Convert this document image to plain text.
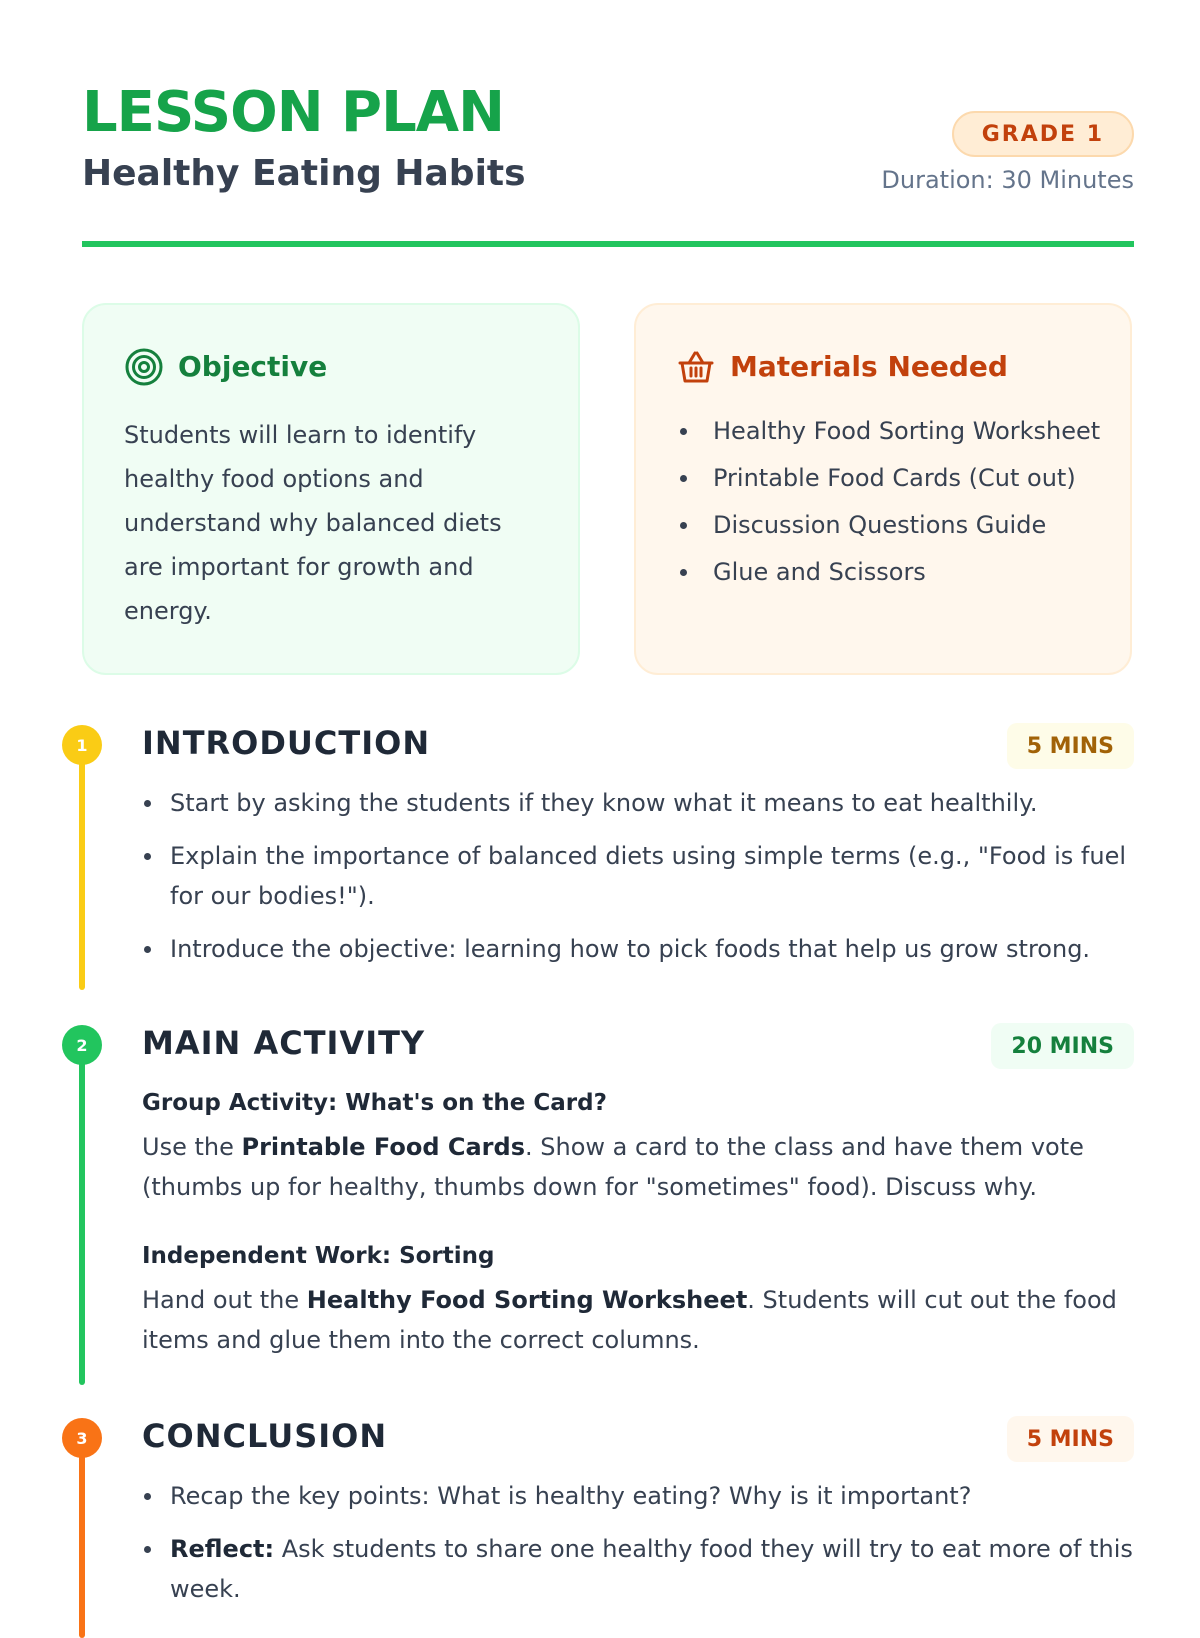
LESSON PLAN
Healthy Eating Habits
GRADE 1
Duration: 30 Minutes
Objective

Students will learn to identify healthy food options and understand why balanced diets are important for growth and energy.

Materials Needed
Healthy Food Sorting Worksheet
Printable Food Cards (Cut out)
Discussion Questions Guide
Glue and Scissors
1	INTRODUCTION	5 MINS
Start by asking the students if they know what it means to eat healthily.
Explain the importance of balanced diets using simple terms (e.g., "Food is fuel for our bodies!").
Introduce the objective: learning how to pick foods that help us grow strong.
2	MAIN ACTIVITY	20 MINS
Group Activity: What's on the Card?

Use the Printable Food Cards. Show a card to the class and have them vote (thumbs up for healthy, thumbs down for "sometimes" food). Discuss why.

Independent Work: Sorting

Hand out the Healthy Food Sorting Worksheet. Students will cut out the food items and glue them into the correct columns.

3	CONCLUSION	5 MINS
Recap the key points: What is healthy eating? Why is it important?
Reflect: Ask students to share one healthy food they will try to eat more of this week.
